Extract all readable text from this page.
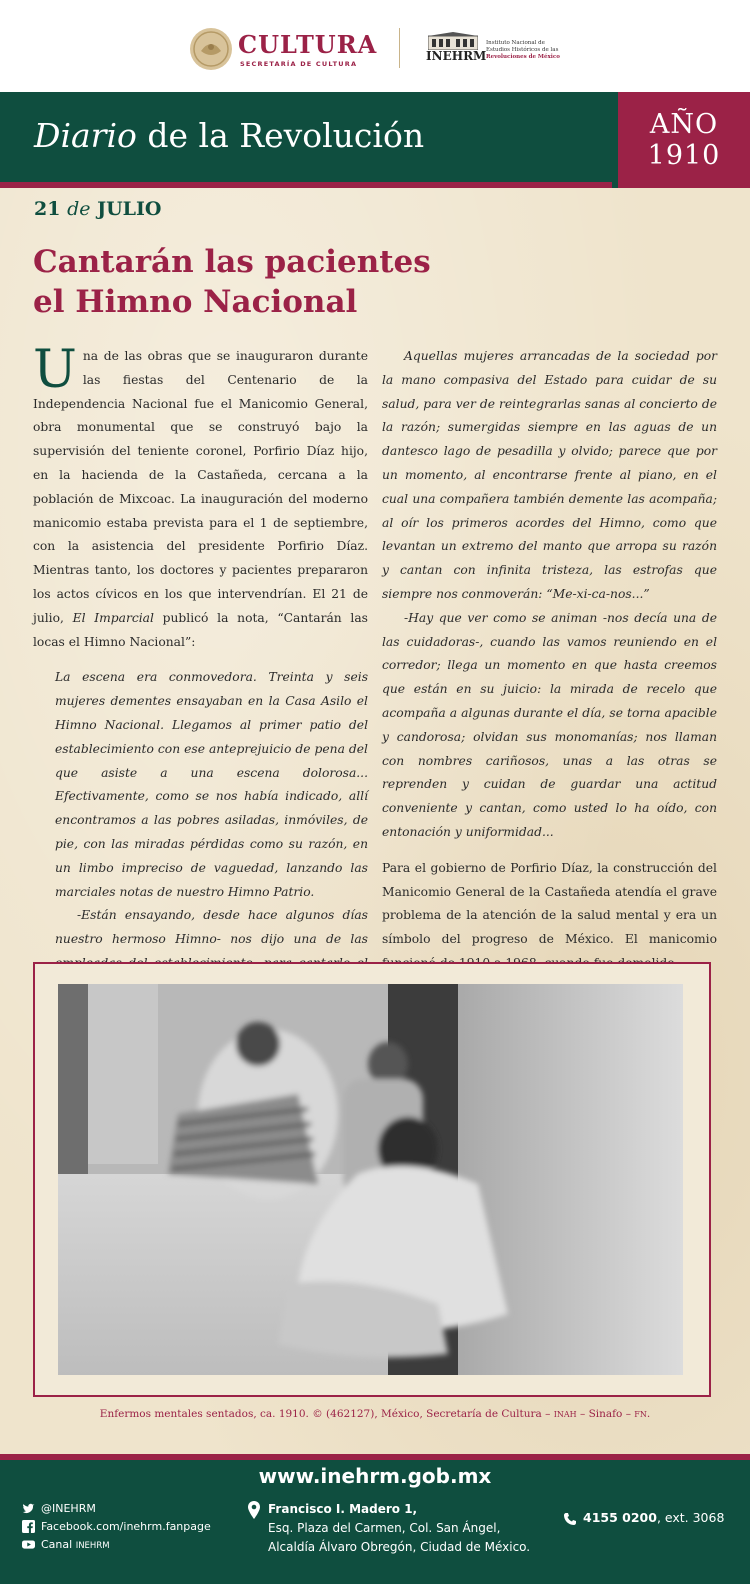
CULTURA
SECRETARÍA DE CULTURA
INEHRM
Instituto Nacional de
Estudios Históricos de las
Revoluciones de México
Diario de la Revolución	AÑO
1910
21 de JULIO
Cantarán las pacientes
el Himno Nacional

Una de las obras que se inauguraron durante las fiestas del Centenario de la Independencia Nacional fue el Manicomio General, obra monumental que se construyó bajo la supervisión del teniente coronel, Porfirio Díaz hijo, en la hacienda de la Castañeda, cercana a la población de Mixcoac. La inauguración del moderno manicomio estaba prevista para el 1 de septiembre, con la asistencia del presidente Porfirio Díaz. Mientras tanto, los doctores y pacientes prepararon los actos cívicos en los que intervendrían. El 21 de julio, El Imparcial publicó la nota, “Cantarán las locas el Himno Nacional”:

La escena era conmovedora. Treinta y seis mujeres dementes ensayaban en la Casa Asilo el Himno Nacional. Llegamos al primer patio del establecimiento con ese anteprejuicio de pena del que asiste a una escena dolorosa... Efectivamente, como se nos había indicado, allí encontramos a las pobres asiladas, inmóviles, de pie, con las miradas pérdidas como su razón, en un limbo impreciso de vaguedad, lanzando las marciales notas de nuestro Himno Patrio.

-Están ensayando, desde hace algunos días nuestro hermoso Himno- nos dijo una de las

Aquellas mujeres arrancadas de la sociedad por la mano compasiva del Estado para cuidar de su salud, para ver de reintegrarlas sanas al concierto de la razón; sumergidas siempre en las aguas de un dantesco lago de pesadilla y olvido; parece que por un momento, al encontrarse frente al piano, en el cual una compañera también demente las acompaña; al oír los primeros acordes del Himno, como que levantan un extremo del manto que arropa su razón y cantan con infinita tristeza, las estrofas que siempre nos conmoverán: “Me-xi-ca-nos...”

-Hay que ver como se animan -nos decía una de las cuidadoras-, cuando las vamos reuniendo en el corredor; llega un momento en que hasta creemos que están en su juicio: la mirada de recelo que acompaña a algunas durante el día, se torna apacible y candorosa; olvidan sus monomanías; nos llaman con nombres cariñosos, unas a las otras se reprenden y cuidan de guardar una actitud conveniente y cantan, como usted lo ha oído, con entonación y uniformidad...

Para el gobierno de Porfirio Díaz, la construcción del Manicomio General de la Castañeda atendía el grave problema de la atención de la salud mental y era un símbolo del progreso de México. El manicomio

Enfermos mentales sentados, ca. 1910. © (462127), México, Secretaría de Cultura – INAH – Sinafo – FN.
www.inehrm.gob.mx
@INEHRM
Facebook.com/inehrm.fanpage
Canal INEHRM
Francisco I. Madero 1,
Esq. Plaza del Carmen, Col. San Ángel,
Alcaldía Álvaro Obregón, Ciudad de México.
4155 0200, ext. 3068
